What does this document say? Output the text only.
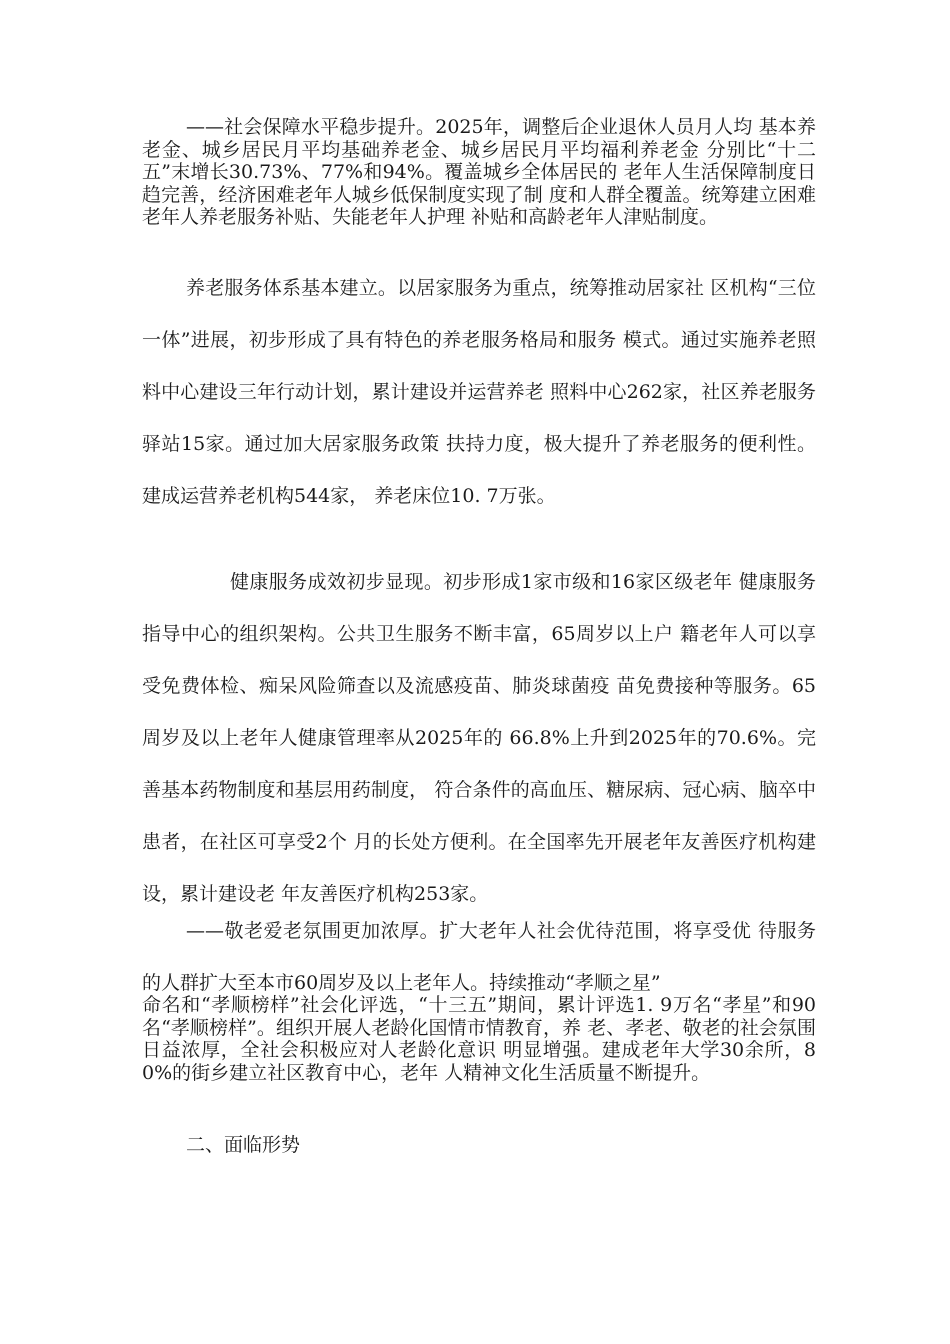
——社会保障水平稳步提升。2025年，调整后企业退休人员月人均 基本养老金、城乡居民月平均基础养老金、城乡居民月平均福利养老金 分别比“十二五”末增长30.73%、77%和94%。覆盖城乡全体居民的 老年人生活保障制度日趋完善，经济困难老年人城乡低保制度实现了制 度和人群全覆盖。统筹建立困难老年人养老服务补贴、失能老年人护理 补贴和高龄老年人津贴制度。

养老服务体系基本建立。以居家服务为重点，统筹推动居家社 区机构“三位一体”进展，初步形成了具有特色的养老服务格局和服务 模式。通过实施养老照料中心建设三年行动计划，累计建设并运营养老 照料中心262家，社区养老服务驿站15家。通过加大居家服务政策 扶持力度，极大提升了养老服务的便利性。建成运营养老机构544家， 养老床位10. 7万张。

健康服务成效初步显现。初步形成1家市级和16家区级老年 健康服务指导中心的组织架构。公共卫生服务不断丰富，65周岁以上户 籍老年人可以享受免费体检、痴呆风险筛查以及流感疫苗、肺炎球菌疫 苗免费接种等服务。65周岁及以上老年人健康管理率从2025年的 66.8%上升到2025年的70.6%。完善基本药物制度和基层用药制度， 符合条件的高血压、糖尿病、冠心病、脑卒中患者，在社区可享受2个 月的长处方便利。在全国率先开展老年友善医疗机构建设，累计建设老 年友善医疗机构253家。

——敬老爱老氛围更加浓厚。扩大老年人社会优待范围，将享受优 待服务的人群扩大至本市60周岁及以上老年人。持续推动“孝顺之星”

命名和“孝顺榜样”社会化评选，“十三五”期间，累计评选1. 9万名“孝星”和90名“孝顺榜样”。组织开展人老龄化国情市情教育，养 老、孝老、敬老的社会氛围日益浓厚，全社会积极应对人老龄化意识 明显增强。建成老年大学30余所，80%的街乡建立社区教育中心，老年 人精神文化生活质量不断提升。

二、面临形势
